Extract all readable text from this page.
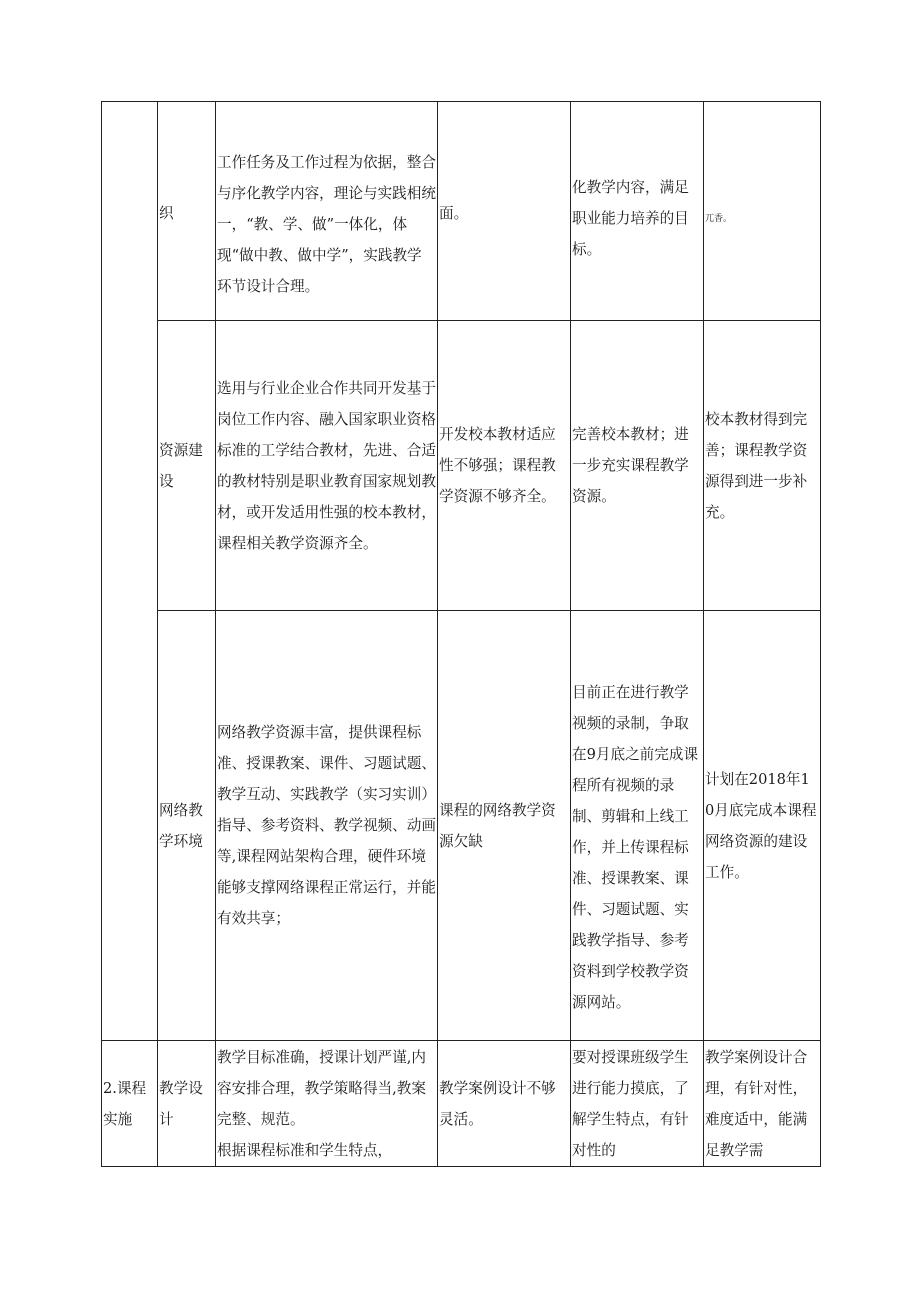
	织	工作任务及工作过程为依据，整合与序化教学内容，理论与实践相统一，“教、学、做”一体化，体现“做中教、做中学”，实践教学环节设计合理。	面。	化教学内容，满足职业能力培养的目标。	兀香。

	资源建设	选用与行业企业合作共同开发基于岗位工作内容、融入国家职业资格标准的工学结合教材，先进、合适的教材特别是职业教育国家规划教材，或开发适用性强的校本教材，课程相关教学资源齐全。	开发校本教材适应性不够强；课程教学资源不够齐全。	完善校本教材；进一步充实课程教学资源。	校本教材得到完善；课程教学资源得到进一步补充。

	网络教学环境	网络教学资源丰富，提供课程标准、授课教案、课件、习题试题、教学互动、实践教学（实习实训）指导、参考资料、教学视频、动画等,课程网站架构合理，硬件环境能够支撑网络课程正常运行，并能有效共享；	课程的网络教学资源欠缺	目前正在进行教学视频的录制，争取在9月底之前完成课程所有视频的录制、剪辑和上线工作，并上传课程标准、授课教案、课件、习题试题、实践教学指导、参考资料到学校教学资源网站。	计划在2018年10月底完成本课程网络资源的建设工作。

2.课程实施	教学设计	教学目标准确，授课计划严谨,内容安排合理，教学策略得当,教案完整、规范。
根据课程标准和学生特点，	教学案例设计不够灵活。	要对授课班级学生进行能力摸底，了解学生特点，有针对性的	教学案例设计合理，有针对性，难度适中，能满足教学需
